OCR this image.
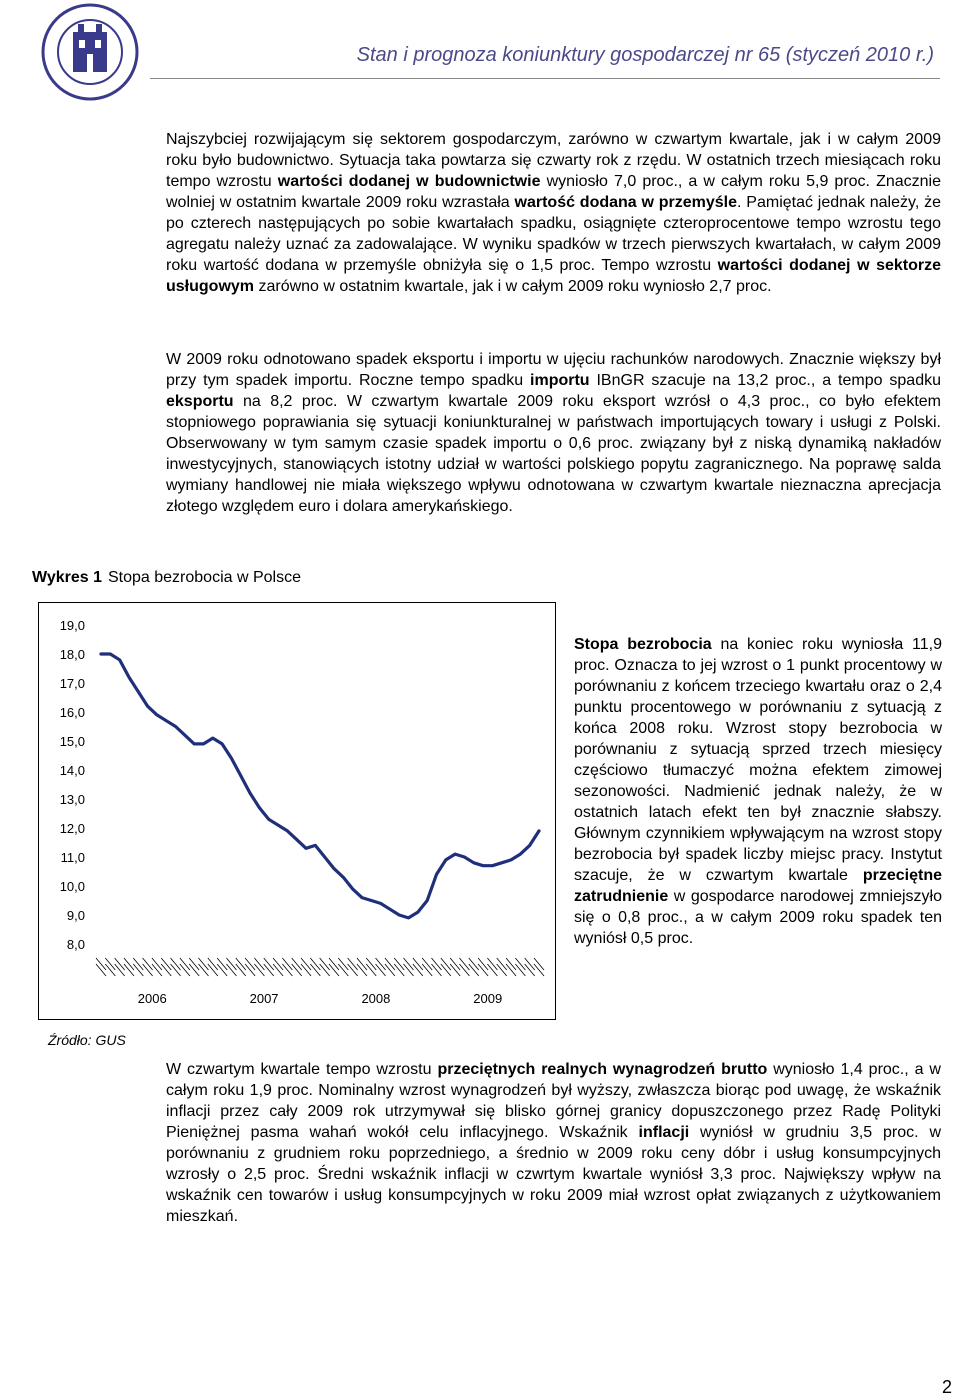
Stan i prognoza koniunktury gospodarczej nr 65 (styczeń 2010 r.)

Najszybciej rozwijającym się sektorem gospodarczym, zarówno w czwartym kwartale, jak i w całym 2009 roku było budownictwo. Sytuacja taka powtarza się czwarty rok z rzędu. W ostatnich trzech miesiącach roku tempo wzrostu wartości dodanej w budownictwie wyniosło 7,0 proc., a w całym roku 5,9 proc. Znacznie wolniej w ostatnim kwartale 2009 roku wzrastała wartość dodana w przemyśle. Pamiętać jednak należy, że po czterech następujących po sobie kwartałach spadku, osiągnięte czteroprocentowe tempo wzrostu tego agregatu należy uznać za zadowalające. W wyniku spadków w trzech pierwszych kwartałach, w całym 2009 roku wartość dodana w przemyśle obniżyła się o 1,5 proc. Tempo wzrostu wartości dodanej w sektorze usługowym zarówno w ostatnim kwartale, jak i w całym 2009 roku wyniosło 2,7 proc.

W 2009 roku odnotowano spadek eksportu i importu w ujęciu rachunków narodowych. Znacznie większy był przy tym spadek importu. Roczne tempo spadku importu IBnGR szacuje na 13,2 proc., a tempo spadku eksportu na 8,2 proc. W czwartym kwartale 2009 roku eksport wzrósł o 4,3 proc., co było efektem stopniowego poprawiania się sytuacji koniunkturalnej w państwach importujących towary i usługi z Polski. Obserwowany w tym samym czasie spadek importu o 0,6 proc. związany był z niską dynamiką nakładów inwestycyjnych, stanowiących istotny udział w wartości polskiego popytu zagranicznego. Na poprawę salda wymiany handlowej nie miała większego wpływu odnotowana w czwartym kwartale nieznaczna aprecjacja złotego względem euro i dolara amerykańskiego.

Wykres 1 Stopa bezrobocia w Polsce
19,0
18,0
17,0
16,0
15,0
14,0
13,0
12,0
11,0
10,0
9,0
8,0
2006	2007	2008	2009

Stopa bezrobocia na koniec roku wyniosła 11,9 proc. Oznacza to jej wzrost o 1 punkt procentowy w porównaniu z końcem trzeciego kwartału oraz o 2,4 punktu procentowego w porównaniu z sytuacją z końca 2008 roku. Wzrost stopy bezrobocia w porównaniu z sytuacją sprzed trzech miesięcy częściowo tłumaczyć można efektem zimowej sezonowości. Nadmienić jednak należy, że w ostatnich latach efekt ten był znacznie słabszy. Głównym czynnikiem wpływającym na wzrost stopy bezrobocia był spadek liczby miejsc pracy. Instytut szacuje, że w czwartym kwartale przeciętne zatrudnienie w gospodarce narodowej zmniejszyło się o 0,8 proc., a w całym 2009 roku spadek ten wyniósł 0,5 proc.

Źródło: GUS

W czwartym kwartale tempo wzrostu przeciętnych realnych wynagrodzeń brutto wyniosło 1,4 proc., a w całym roku 1,9 proc. Nominalny wzrost wynagrodzeń był wyższy, zwłaszcza biorąc pod uwagę, że wskaźnik inflacji przez cały 2009 rok utrzymywał się blisko górnej granicy dopuszczonego przez Radę Polityki Pieniężnej pasma wahań wokół celu inflacyjnego. Wskaźnik inflacji wyniósł w grudniu 3,5 proc. w porównaniu z grudniem roku poprzedniego, a średnio w 2009 roku ceny dóbr i usług konsumpcyjnych wzrosły o 2,5 proc. Średni wskaźnik inflacji w czwrtym kwartale wyniósł 3,3 proc. Największy wpływ na wskaźnik cen towarów i usług konsumpcyjnych w roku 2009 miał wzrost opłat związanych z użytkowaniem mieszkań.

2
